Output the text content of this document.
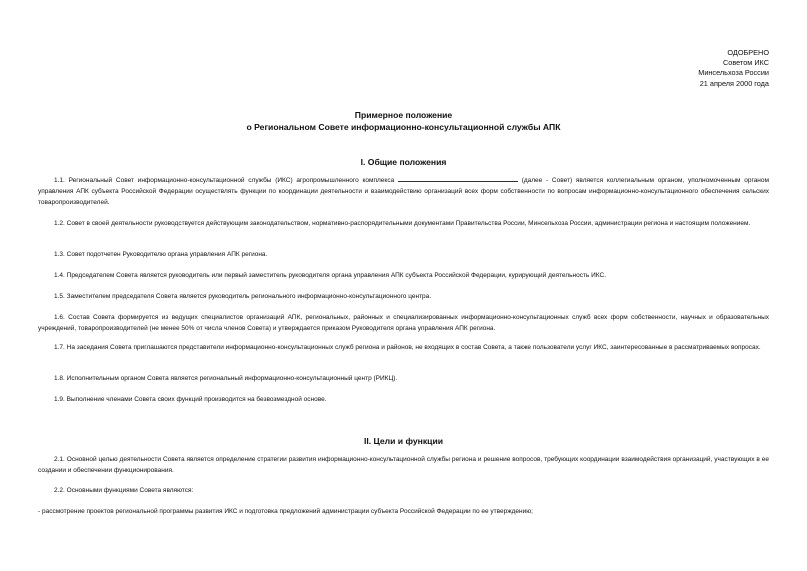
ОДОБРЕНО
Советом ИКС
Минсельхоза России
21 апреля 2000 года
Примерное положение
о Региональном Совете информационно-консультационной службы АПК
I. Общие положения
1.1. Региональный Совет информационно-консультационной службы (ИКС) агропромышленного комплекса	(далее - Совет) является коллегиальным органом, уполномоченным органом управления АПК субъекта Российской Федерации осуществлять функции по координации деятельности и взаимодействию организаций всех форм собственности по вопросам информационно-консультационного обеспечения сельских товаропроизводителей.
1.2. Совет в своей деятельности руководствуется действующим законодательством, нормативно-распорядительными документами Правительства России, Минсельхоза России, администрации региона и настоящим положением.
1.3. Совет подотчетен Руководителю органа управления АПК региона.
1.4. Председателем Совета является руководитель или первый заместитель руководителя органа управления АПК субъекта Российской Федерации, курирующий деятельность ИКС.
1.5. Заместителем председателя Совета является руководитель регионального информационно-консультационного центра.
1.6. Состав Совета формируется из ведущих специалистов организаций АПК, региональных, районных и специализированных информационно-консультационных служб всех форм собственности, научных и образовательных учреждений, товаропроизводителей (не менее 50% от числа членов Совета) и утверждается приказом Руководителя органа управления АПК региона.
1.7. На заседания Совета приглашаются представители информационно-консультационных служб региона и районов, не входящих в состав Совета, а также пользователи услуг ИКС, заинтересованные в рассматриваемых вопросах.
1.8. Исполнительным органом Совета является региональный информационно-консультационный центр (РИКЦ).
1.9. Выполнение членами Совета своих функций производится на безвозмездной основе.
II. Цели и функции
2.1. Основной целью деятельности Совета является определение стратегии развития информационно-консультационной службы региона и решение вопросов, требующих координации взаимодействия организаций, участвующих в ее создании и обеспечении функционирования.
2.2. Основными функциями Совета являются:
- рассмотрение проектов региональной программы развития ИКС и подготовка предложений администрации субъекта Российской Федерации по ее утверждению;
